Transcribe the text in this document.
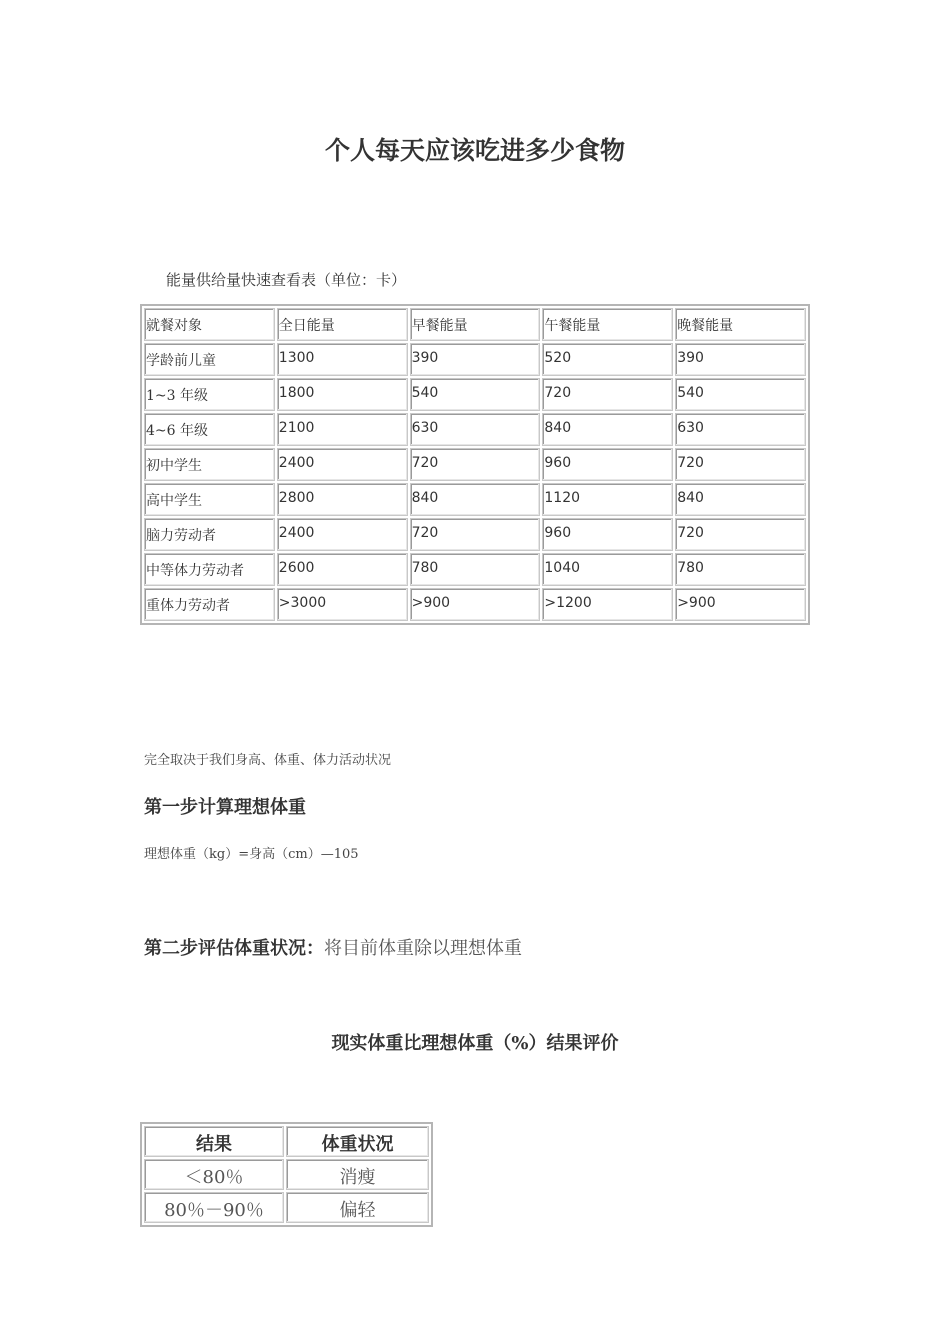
个人每天应该吃进多少食物
能量供给量快速查看表（单位：卡）
就餐对象	全日能量	早餐能量	午餐能量	晚餐能量
学龄前儿童	1300	390	520	390
1~3 年级	1800	540	720	540
4~6 年级	2100	630	840	630
初中学生	2400	720	960	720
高中学生	2800	840	1120	840
脑力劳动者	2400	720	960	720
中等体力劳动者	2600	780	1040	780
重体力劳动者	>3000	>900	>1200	>900
完全取决于我们身高、体重、体力活动状况
第一步计算理想体重
理想体重（kg）=身高（cm）—105
第二步评估体重状况：将目前体重除以理想体重
现实体重比理想体重（%）结果评价
结果	体重状况
＜80％	消瘦
80％－90％	偏轻
